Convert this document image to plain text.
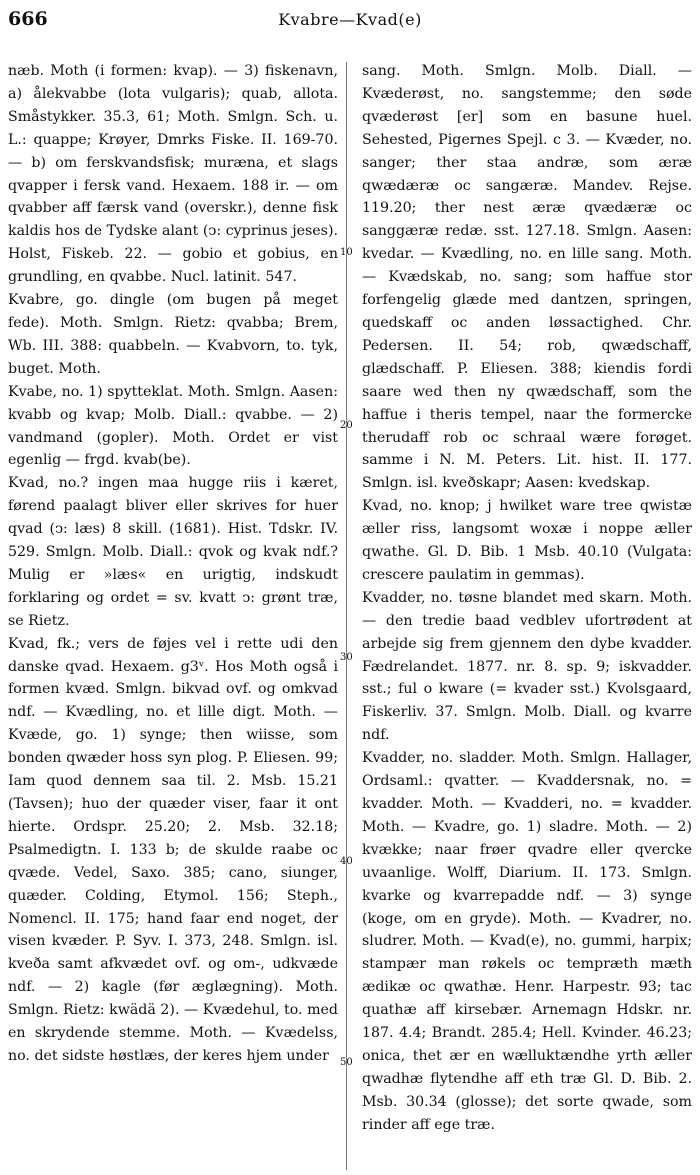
666	Kvabre—Kvad(e)

næb. Moth (i formen: kvap). — 3) fiskenavn, a) ålekvabbe (lota vulgaris); quab, allota. Småstykker. 35.3, 61; Moth. Smlgn. Sch. u. L.: quappe; Krøyer, Dmrks Fiske. II. 169-70. — b) om ferskvandsfisk; murænа, et slags qvapper i fersk vand. Hexaem. 188 ir. — om qvabber aff færsk vand (overskr.), denne fisk kaldis hos de Tydske alant (ↄ: cyprinus jeses). Holst, Fiskeb. 22. — gobio et gobius, en grundling, en qvabbe. Nucl. latinit. 547.

Kvabre, go. dingle (om bugen på meget fede). Moth. Smlgn. Rietz: qvabba; Brem, Wb. III. 388: quabbeln. — Kvabvorn, to. tyk, buget. Moth.

Kvabe, no. 1) spytteklat. Moth. Smlgn. Aasen: kvabb og kvap; Molb. Diall.: qvabbe. — 2) vandmand (gopler). Moth. Ordet er vist egenlig — frgd. kvab(be).

Kvad, no.? ingen maa hugge riis i kæret, førend paalagt bliver eller skrives for huer qvad (ↄ: læs) 8 skill. (1681). Hist. Tdskr. IV. 529. Smlgn. Molb. Diall.: qvok og kvak ndf.? Mulig er »læs« en urigtig, indskudt forklaring og ordet = sv. kvatt ↄ: grønt træ, se Rietz.

Kvad, fk.; vers de føjes vel i rette udi den danske qvad. Hexaem. g3ᵛ. Hos Moth også i formen kvæd. Smlgn. bikvad ovf. og omkvad ndf. — Kvædling, no. et lille digt. Moth. — Kvæde, go. 1) synge; then wiisse, som bonden qwæder hoss syn plog. P. Eliesen. 99; Iam quod dennem saa til. 2. Msb. 15.21 (Tavsen); huo der quæder viser, faar it ont hierte. Ordspr. 25.20; 2. Msb. 32.18; Psalmedigtn. I. 133 b; de skulde raabe oc qvæde. Vedel, Saxo. 385; cano, siunger, quæder. Colding, Etymol. 156; Steph., Nomencl. II. 175; hand faar end noget, der visen kvæder. P. Syv. I. 373, 248. Smlgn. isl. kveða samt afkvædet ovf. og om-, udkvæde ndf. — 2) kagle (før æglægning). Moth. Smlgn. Rietz: kwädä 2). — Kvædehul, to. med en skrydende stemme. Moth. — Kvædelss, no. det sidste høstlæs, der keres hjem under

10
20
30
40
50

sang. Moth. Smlgn. Molb. Diall. — Kvæderøst, no. sangstemme; den søde qvæderøst [er] som en basune huel. Sehested, Pigernes Spejl. c 3. — Kvæder, no. sanger; ther staa andræ, som æræ qwædæræ oc sangæræ. Mandev. Rejse. 119.20; ther nest æræ qvædæræ oc sanggæræ redæ. sst. 127.18. Smlgn. Aasen: kvedar. — Kvædling, no. en lille sang. Moth. — Kvædskab, no. sang; som haffue stor forfengelig glæde med dantzen, springen, quedskaff oc anden løssactighed. Chr. Pedersen. II. 54; rob, qwædschaff, glædschaff. P. Eliesen. 388; kiendis fordi saare wed then ny qwædschaff, som the haffue i theris tempel, naar the formercke therudaff rob oc schraal wære forøget. samme i N. M. Peters. Lit. hist. II. 177. Smlgn. isl. kveðskapr; Aasen: kvedskap.

Kvad, no. knop; j hwilket ware tree qwistæ æller riss, langsomt woxæ i noppe æller qwathe. Gl. D. Bib. 1 Msb. 40.10 (Vulgata: crescere paulatim in gemmas).

Kvadder, no. tøsne blandet med skarn. Moth. — den tredie baad vedblev ufortrødent at arbejde sig frem gjennem den dybe kvadder. Fædrelandet. 1877. nr. 8. sp. 9; iskvadder. sst.; ful o kware (= kvader sst.) Kvolsgaard, Fiskerliv. 37. Smlgn. Molb. Diall. og kvarre ndf.

Kvadder, no. sladder. Moth. Smlgn. Hallager, Ordsaml.: qvatter. — Kvaddersnak, no. = kvadder. Moth. — Kvadderi, no. = kvadder. Moth. — Kvadre, go. 1) sladre. Moth. — 2) kvække; naar frøer qvadre eller qvercke uvaanlige. Wolff, Diarium. II. 173. Smlgn. kvarke og kvarrepadde ndf. — 3) synge (koge, om en gryde). Moth. — Kvadrer, no. sludrer. Moth. — Kvad(e), no. gummi, harpix; stampær man røkels oc tempræth mæth ædikæ oc qwathæ. Henr. Harpestr. 93; tac quathæ aff kirsebær. Arnemagn Hdskr. nr. 187. 4.4; Brandt. 285.4; Hell. Kvinder. 46.23; onica, thet ær en wælluktændhe yrth æller qwadhæ flytendhe aff eth træ Gl. D. Bib. 2. Msb. 30.34 (glosse); det sorte qwade, som rinder aff ege træ.
